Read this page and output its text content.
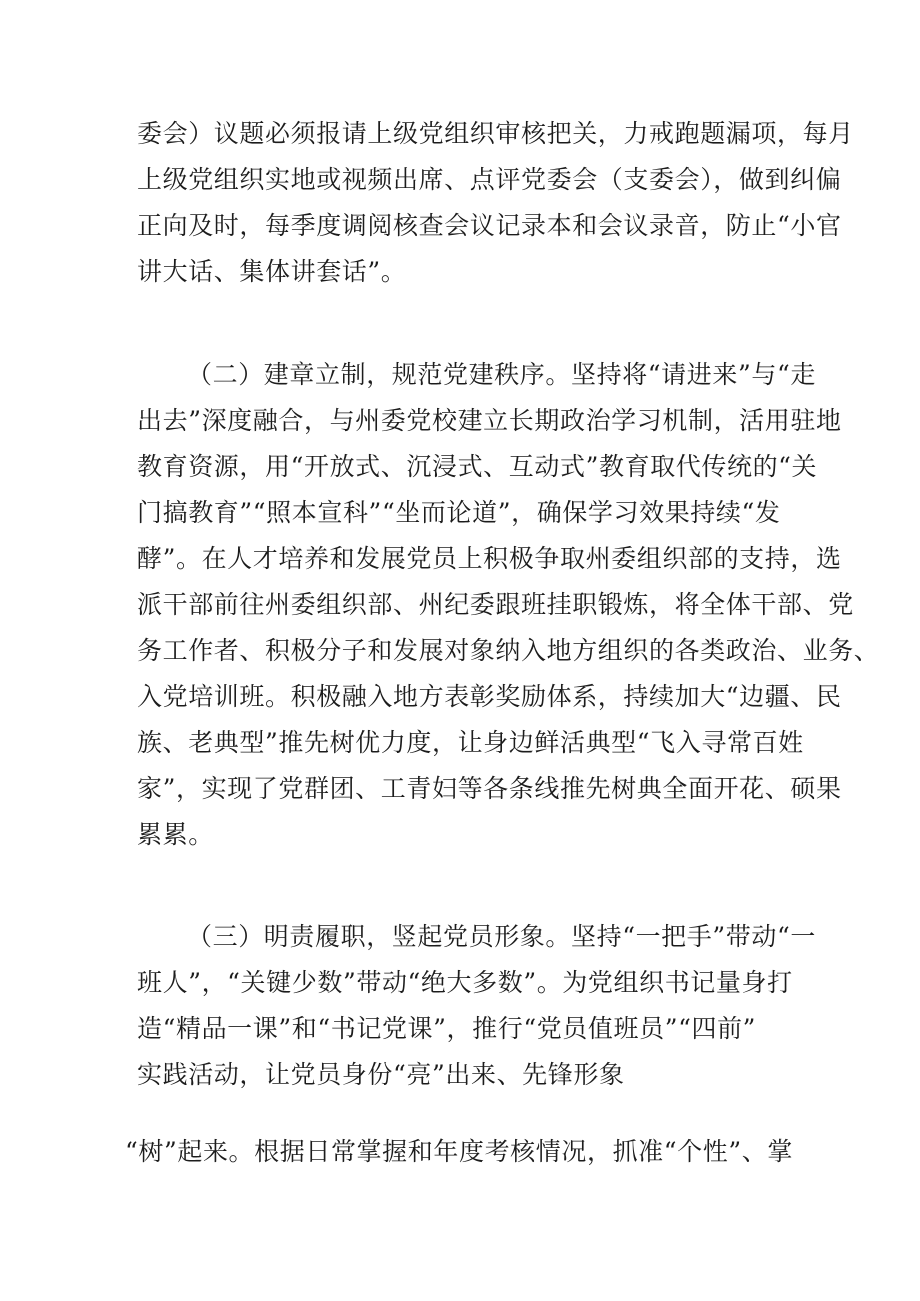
委会）议题必须报请上级党组织审核把关，力戒跑题漏项，每月
上级党组织实地或视频出席、点评党委会（支委会），做到纠偏
正向及时，每季度调阅核查会议记录本和会议录音，防止“小官
讲大话、集体讲套话”。
（二）建章立制，规范党建秩序。坚持将“请进来”与“走
出去”深度融合，与州委党校建立长期政治学习机制，活用驻地
教育资源，用“开放式、沉浸式、互动式”教育取代传统的“关
门搞教育”“照本宣科”“坐而论道”，确保学习效果持续“发
酵”。在人才培养和发展党员上积极争取州委组织部的支持，选
派干部前往州委组织部、州纪委跟班挂职锻炼，将全体干部、党
务工作者、积极分子和发展对象纳入地方组织的各类政治、业务、
入党培训班。积极融入地方表彰奖励体系，持续加大“边疆、民
族、老典型”推先树优力度，让身边鲜活典型“飞入寻常百姓
家”，实现了党群团、工青妇等各条线推先树典全面开花、硕果
累累。
（三）明责履职，竖起党员形象。坚持“一把手”带动“一
班人”，“关键少数”带动“绝大多数”。为党组织书记量身打
造“精品一课”和“书记党课”，推行“党员值班员”“四前”
实践活动，让党员身份“亮”出来、先锋形象
“树”起来。根据日常掌握和年度考核情况，抓准“个性”、掌
